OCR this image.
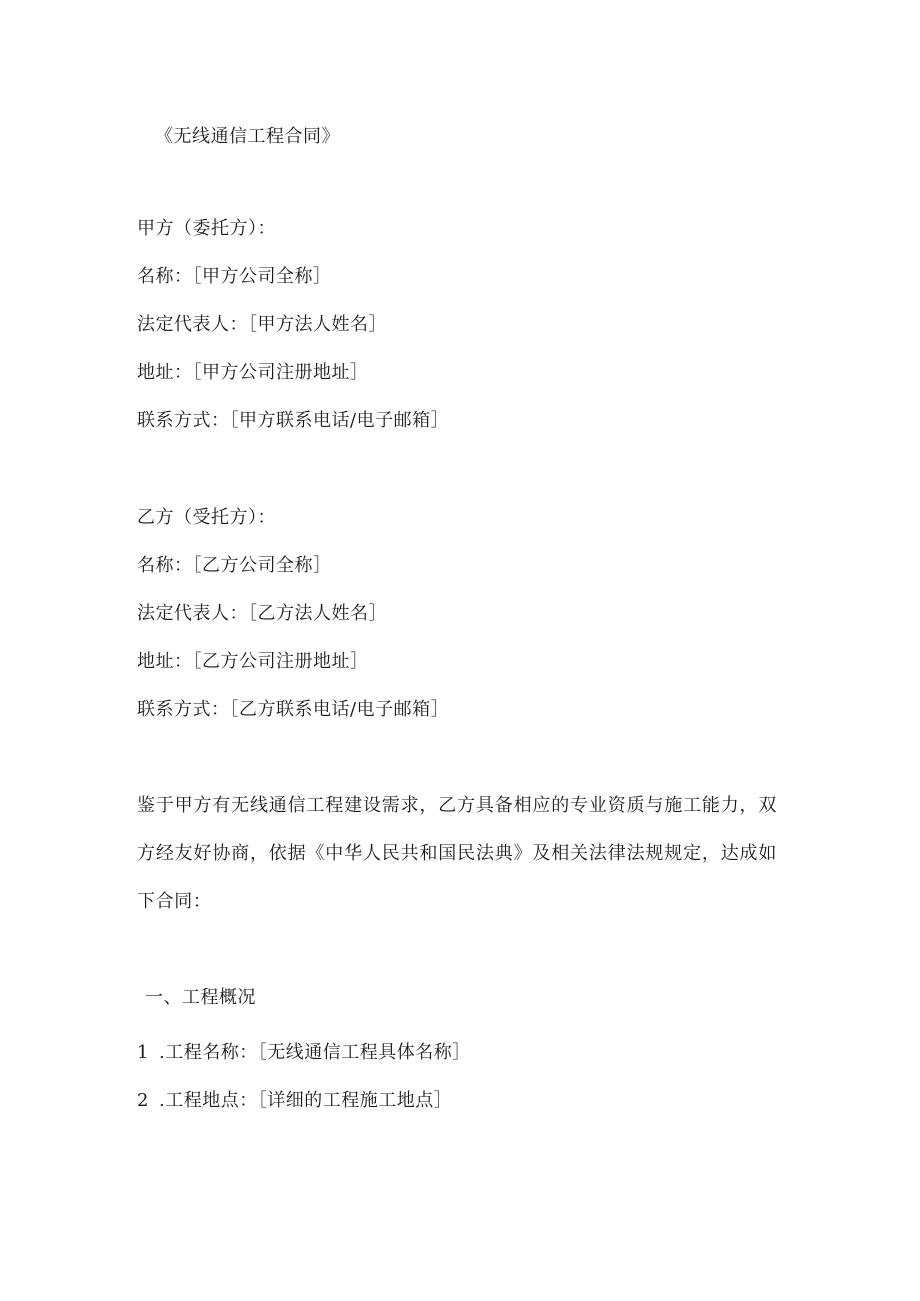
《无线通信工程合同》
甲方（委托方）：
名称：［甲方公司全称］
法定代表人：［甲方法人姓名］
地址：［甲方公司注册地址］
联系方式：［甲方联系电话/电子邮箱］
乙方（受托方）：
名称：［乙方公司全称］
法定代表人：［乙方法人姓名］
地址：［乙方公司注册地址］
联系方式：［乙方联系电话/电子邮箱］
鉴于甲方有无线通信工程建设需求，乙方具备相应的专业资质与施工能力，双方经友好协商，依据《中华人民共和国民法典》及相关法律法规规定，达成如下合同：
一、工程概况
1 .工程名称：［无线通信工程具体名称］
2 .工程地点：［详细的工程施工地点］
